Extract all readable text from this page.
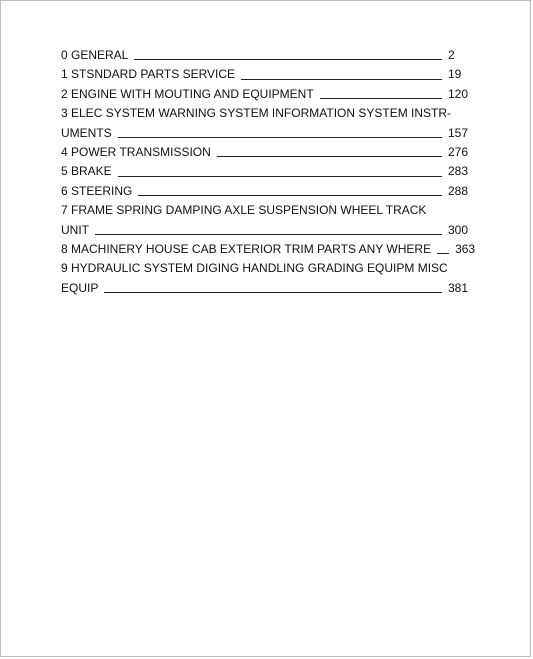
0 GENERAL	2
1 STSNDARD PARTS SERVICE	19
2 ENGINE WITH MOUTING AND EQUIPMENT	120
3 ELEC SYSTEM WARNING SYSTEM INFORMATION SYSTEM INSTR-
UMENTS	157
4 POWER TRANSMISSION	276
5 BRAKE	283
6 STEERING	288
7 FRAME SPRING DAMPING AXLE SUSPENSION WHEEL TRACK
UNIT	300
8 MACHINERY HOUSE CAB EXTERIOR TRIM PARTS ANY WHERE 363
9 HYDRAULIC SYSTEM DIGING HANDLING GRADING EQUIPM MISC
EQUIP	381
